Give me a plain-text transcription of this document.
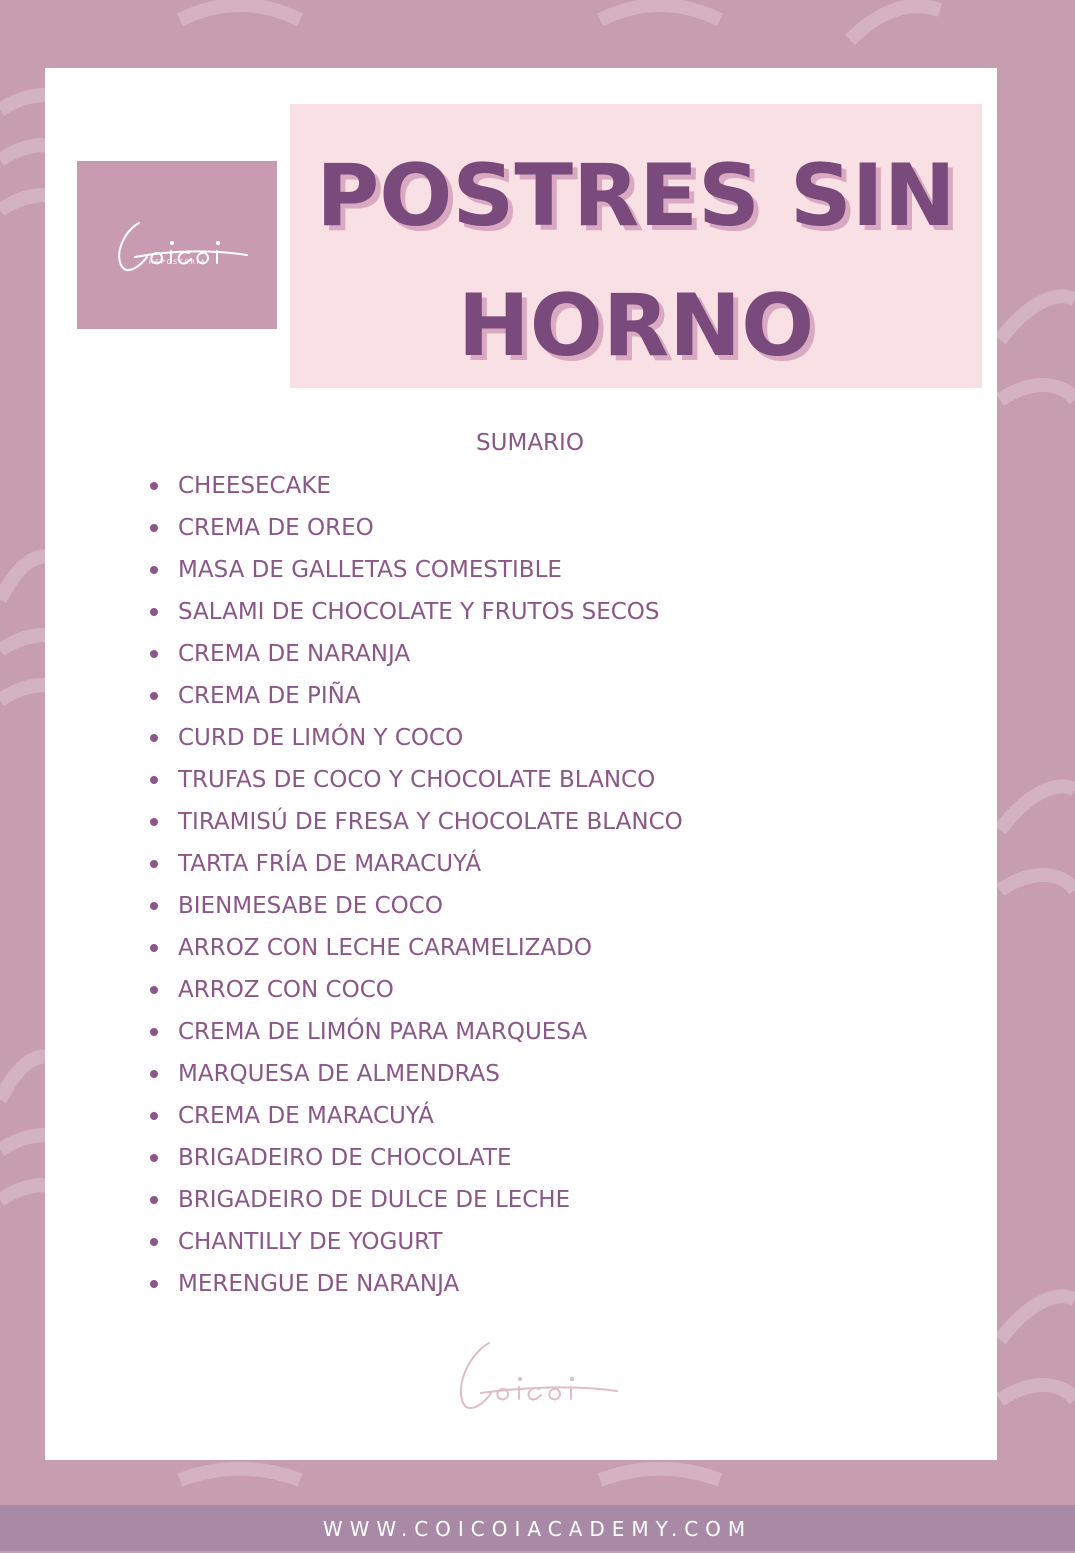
REPOSTERIA
POSTRES SIN
HORNO
SUMARIO
CHEESECAKE
CREMA DE OREO
MASA DE GALLETAS COMESTIBLE
SALAMI DE CHOCOLATE Y FRUTOS SECOS
CREMA DE NARANJA
CREMA DE PIÑA
CURD DE LIMÓN Y COCO
TRUFAS DE COCO Y CHOCOLATE BLANCO
TIRAMISÚ DE FRESA Y CHOCOLATE BLANCO
TARTA FRÍA DE MARACUYÁ
BIENMESABE DE COCO
ARROZ CON LECHE CARAMELIZADO
ARROZ CON COCO
CREMA DE LIMÓN PARA MARQUESA
MARQUESA DE ALMENDRAS
CREMA DE MARACUYÁ
BRIGADEIRO DE CHOCOLATE
BRIGADEIRO DE DULCE DE LECHE
CHANTILLY DE YOGURT
MERENGUE DE NARANJA
WWW.COICOIACADEMY.COM
